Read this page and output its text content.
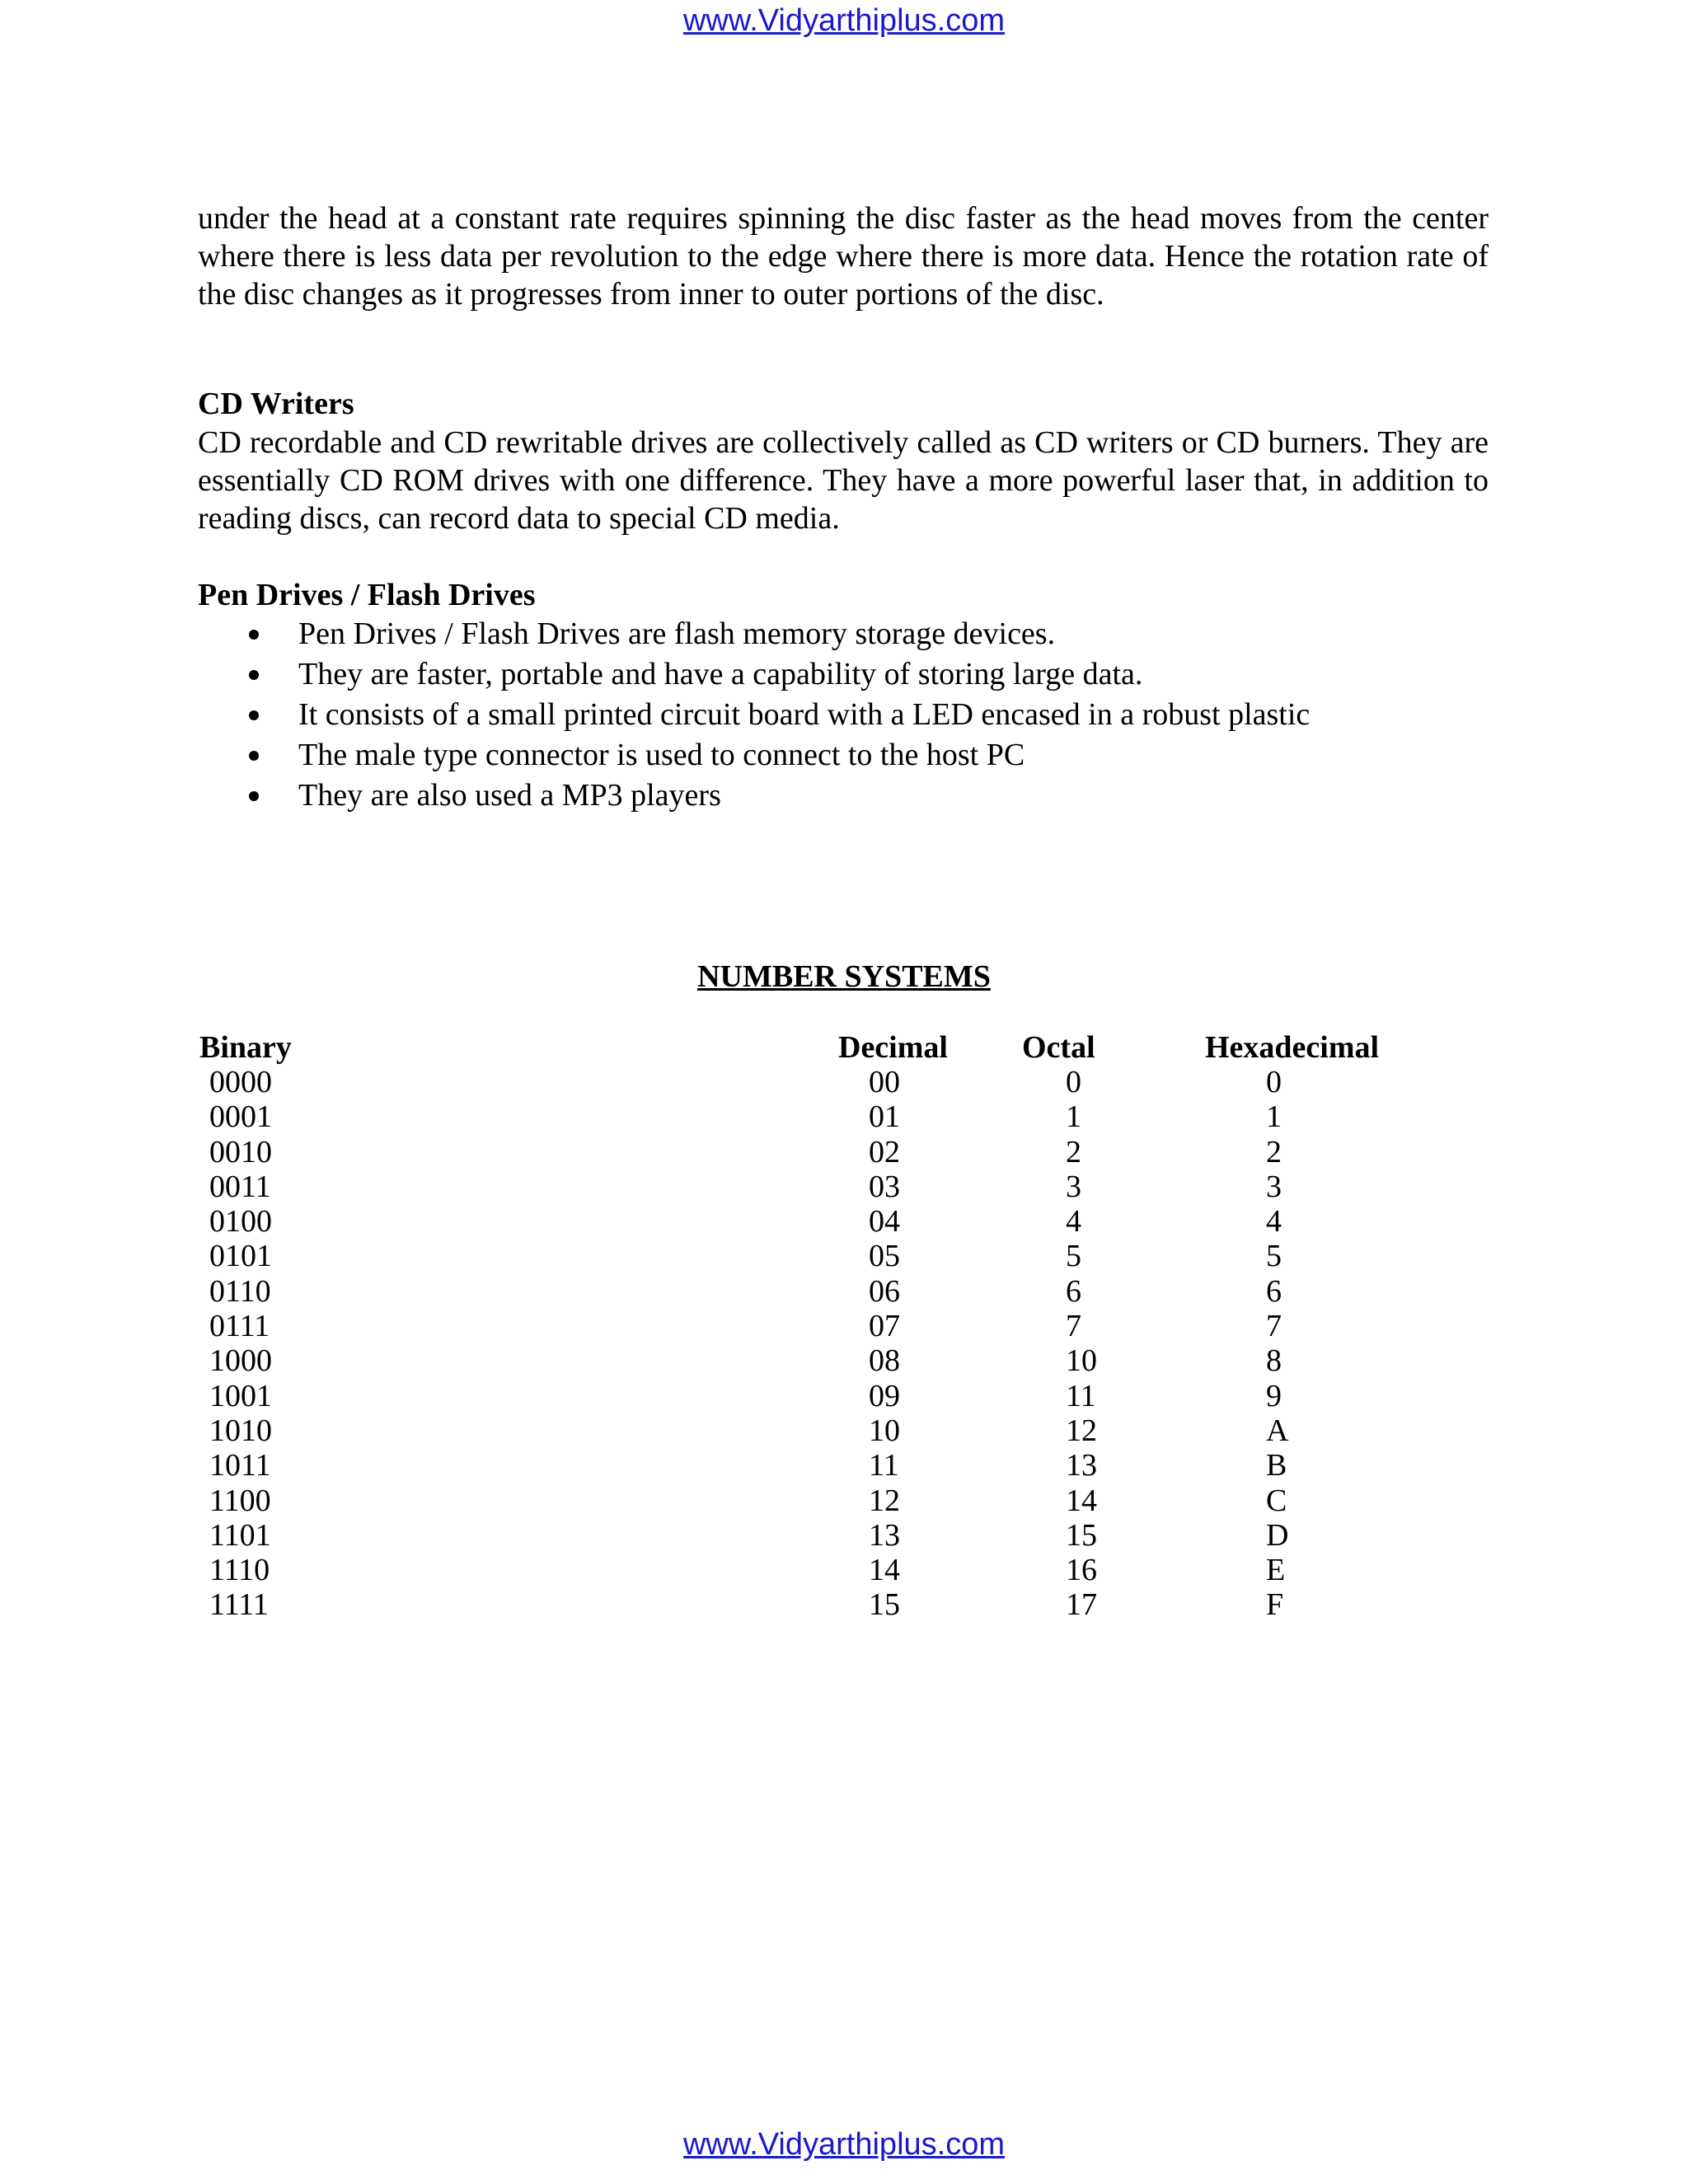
www.Vidyarthiplus.com

under the head at a constant rate requires spinning the disc faster as the head moves from the center where there is less data per revolution to the edge where there is more data. Hence the rotation rate of the disc changes as it progresses from inner to outer portions of the disc.

CD Writers

CD recordable and CD rewritable drives are collectively called as CD writers or CD burners. They are essentially CD ROM drives with one difference. They have a more powerful laser that, in addition to reading discs, can record data to special CD media.

Pen Drives / Flash Drives
Pen Drives / Flash Drives are flash memory storage devices.
They are faster, portable and have a capability of storing large data.
It consists of a small printed circuit board with a LED encased in a robust plastic
The male type connector is used to connect to the host PC
They are also used a MP3 players
NUMBER SYSTEMS
Binary	Decimal Octal	Hexadecimal
0000	00	0	0
0001	01	1	1
0010	02	2	2
0011	03	3	3
0100	04	4	4
0101	05	5	5
0110	06	6	6
0111	07	7	7
1000	08	10	8
1001	09	11	9
1010	10	12	A
1011	11	13	B
1100	12	14	C
1101	13	15	D
1110	14	16	E
1111	15	17	F
www.Vidyarthiplus.com
